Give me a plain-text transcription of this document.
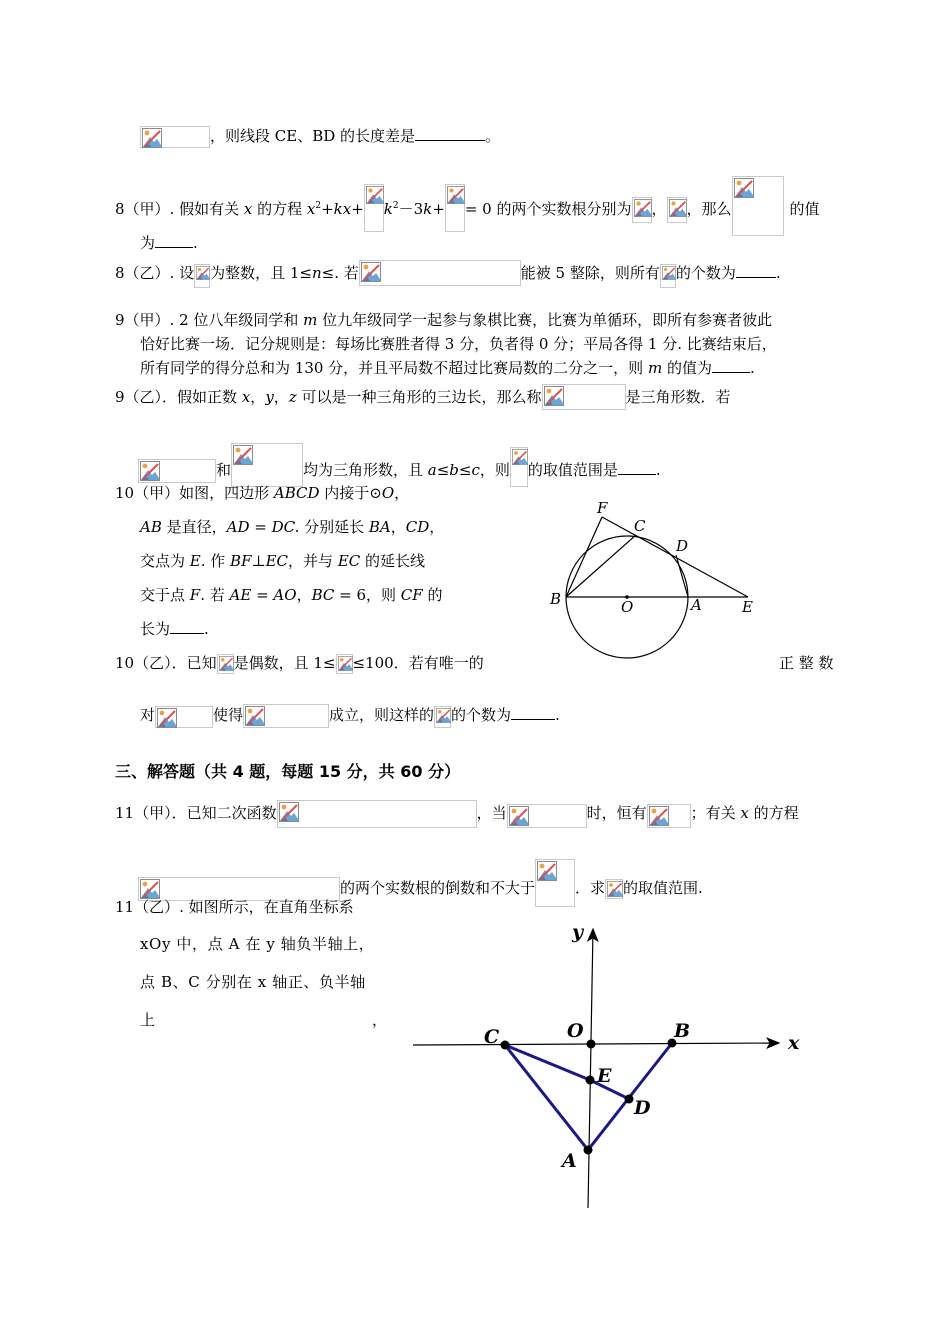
，则线段 CE、BD 的长度差是	。
8（甲）. 假如有关 x 的方程 $x^2+kx+ k^2-3k+ = 0$ 的两个实数根分别为 ， ，那么	的值
为	.
8（乙）. 设 为整数，且 1≤n≤. 若	能被 5 整除，则所有 的个数为	.
9（甲）. 2 位八年级同学和 m 位九年级同学一起参与象棋比赛，比赛为单循环，即所有参赛者彼此
恰好比赛一场．记分规则是：每场比赛胜者得 3 分，负者得 0 分；平局各得 1 分. 比赛结束后，
所有同学的得分总和为 130 分，并且平局数不超过比赛局数的二分之一，则 m 的值为	.
9（乙）．假如正数 x，y，z 可以是一种三角形的三边长，那么称	是三角形数．若
和	均为三角形数，且 a≤b≤c，则 的取值范围是	.
10（甲）如图，四边形 ABCD 内接于⊙O，
AB 是直径，AD = DC. 分别延长 BA，CD，
交点为 E. 作 BF⊥EC，并与 EC 的延长线
交于点 F. 若 AE = AO，BC = 6，则 CF 的
长为 .
F
C
D
B	O	A	E
10（乙）．已知 是偶数，且 1≤ ≤100．若有唯一的	正 整 数
对	使得	成立，则这样的 的个数为	.
三、解答题（共 4 题，每题 15 分，共 60 分）
11（甲）．已知二次函数	，当	时，恒有	；有关 x 的方程
的两个实数根的倒数和不大于	．求 的取值范围.
11（乙）. 如图所示，在直角坐标系
xOy 中，点 A 在 y 轴负半轴上，
点 B、C 分别在 x 轴正、负半轴
上	，
y
x
C	O	B
E
D
A
